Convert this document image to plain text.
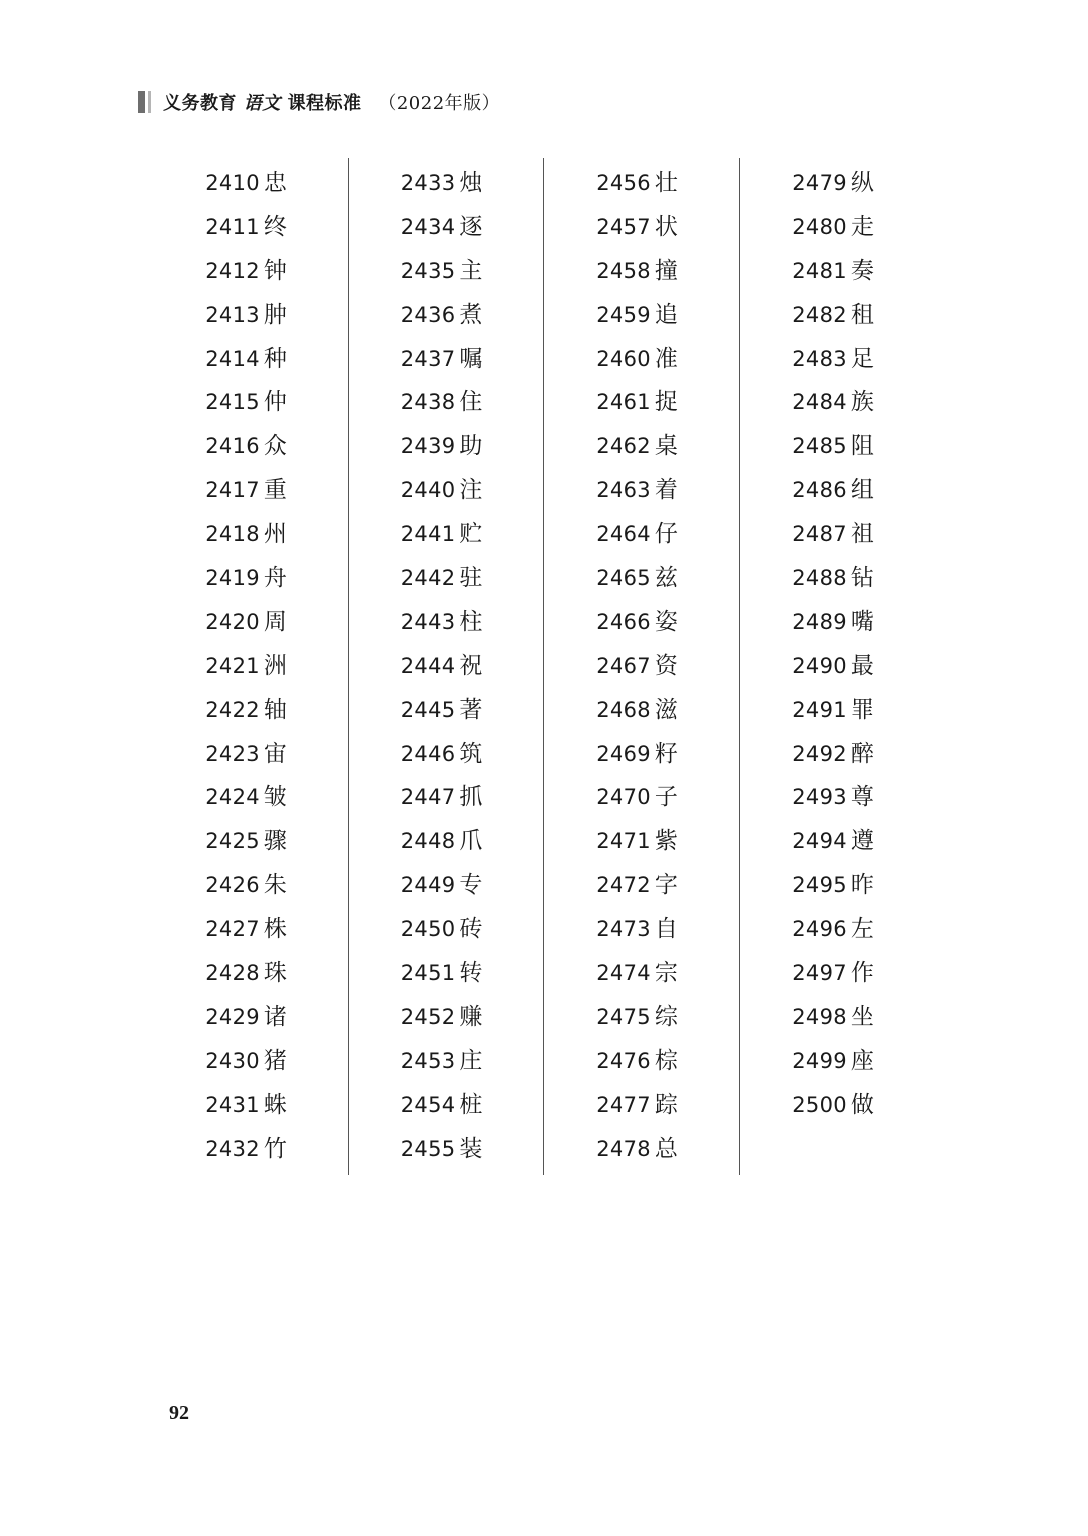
义务教育 语文 课程标准 （2022年版）
2410 忠
2411 终
2412 钟
2413 肿
2414 种
2415 仲
2416 众
2417 重
2418 州
2419 舟
2420 周
2421 洲
2422 轴
2423 宙
2424 皱
2425 骤
2426 朱
2427 株
2428 珠
2429 诸
2430 猪
2431 蛛
2432 竹
2433 烛
2434 逐
2435 主
2436 煮
2437 嘱
2438 住
2439 助
2440 注
2441 贮
2442 驻
2443 柱
2444 祝
2445 著
2446 筑
2447 抓
2448 爪
2449 专
2450 砖
2451 转
2452 赚
2453 庄
2454 桩
2455 装
2456 壮
2457 状
2458 撞
2459 追
2460 准
2461 捉
2462 桌
2463 着
2464 仔
2465 兹
2466 姿
2467 资
2468 滋
2469 籽
2470 子
2471 紫
2472 字
2473 自
2474 宗
2475 综
2476 棕
2477 踪
2478 总
2479 纵
2480 走
2481 奏
2482 租
2483 足
2484 族
2485 阻
2486 组
2487 祖
2488 钻
2489 嘴
2490 最
2491 罪
2492 醉
2493 尊
2494 遵
2495 昨
2496 左
2497 作
2498 坐
2499 座
2500 做
92
